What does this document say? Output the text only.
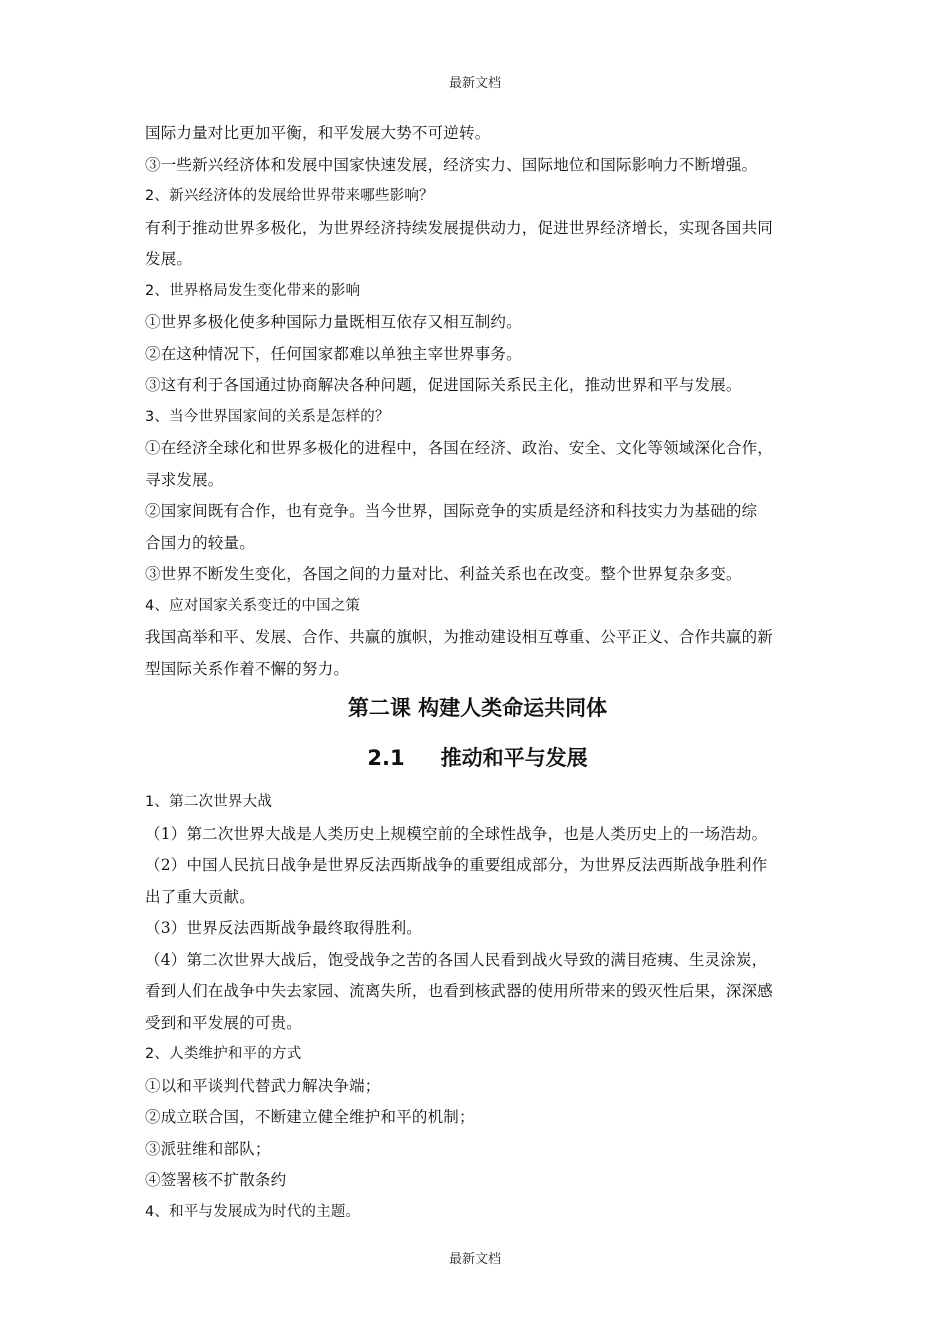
最新文档

国际力量对比更加平衡，和平发展大势不可逆转。

③一些新兴经济体和发展中国家快速发展，经济实力、国际地位和国际影响力不断增强。

2、新兴经济体的发展给世界带来哪些影响？

有利于推动世界多极化，为世界经济持续发展提供动力，促进世界经济增长，实现各国共同

发展。

2、世界格局发生变化带来的影响

①世界多极化使多种国际力量既相互依存又相互制约。

②在这种情况下，任何国家都难以单独主宰世界事务。

③这有利于各国通过协商解决各种问题，促进国际关系民主化，推动世界和平与发展。

3、当今世界国家间的关系是怎样的？

①在经济全球化和世界多极化的进程中，各国在经济、政治、安全、文化等领域深化合作，

寻求发展。

②国家间既有合作，也有竞争。当今世界，国际竞争的实质是经济和科技实力为基础的综

合国力的较量。

③世界不断发生变化，各国之间的力量对比、利益关系也在改变。整个世界复杂多变。

4、应对国家关系变迁的中国之策

我国高举和平、发展、合作、共赢的旗帜，为推动建设相互尊重、公平正义、合作共赢的新

型国际关系作着不懈的努力。

第二课 构建人类命运共同体
2.1 推动和平与发展

1、第二次世界大战

（1）第二次世界大战是人类历史上规模空前的全球性战争，也是人类历史上的一场浩劫。

（2）中国人民抗日战争是世界反法西斯战争的重要组成部分，为世界反法西斯战争胜利作

出了重大贡献。

（3）世界反法西斯战争最终取得胜利。

（4）第二次世界大战后，饱受战争之苦的各国人民看到战火导致的满目疮痍、生灵涂炭，

看到人们在战争中失去家园、流离失所，也看到核武器的使用所带来的毁灭性后果，深深感

受到和平发展的可贵。

2、人类维护和平的方式

①以和平谈判代替武力解决争端；

②成立联合国，不断建立健全维护和平的机制；

③派驻维和部队；

④签署核不扩散条约

4、和平与发展成为时代的主题。

最新文档
